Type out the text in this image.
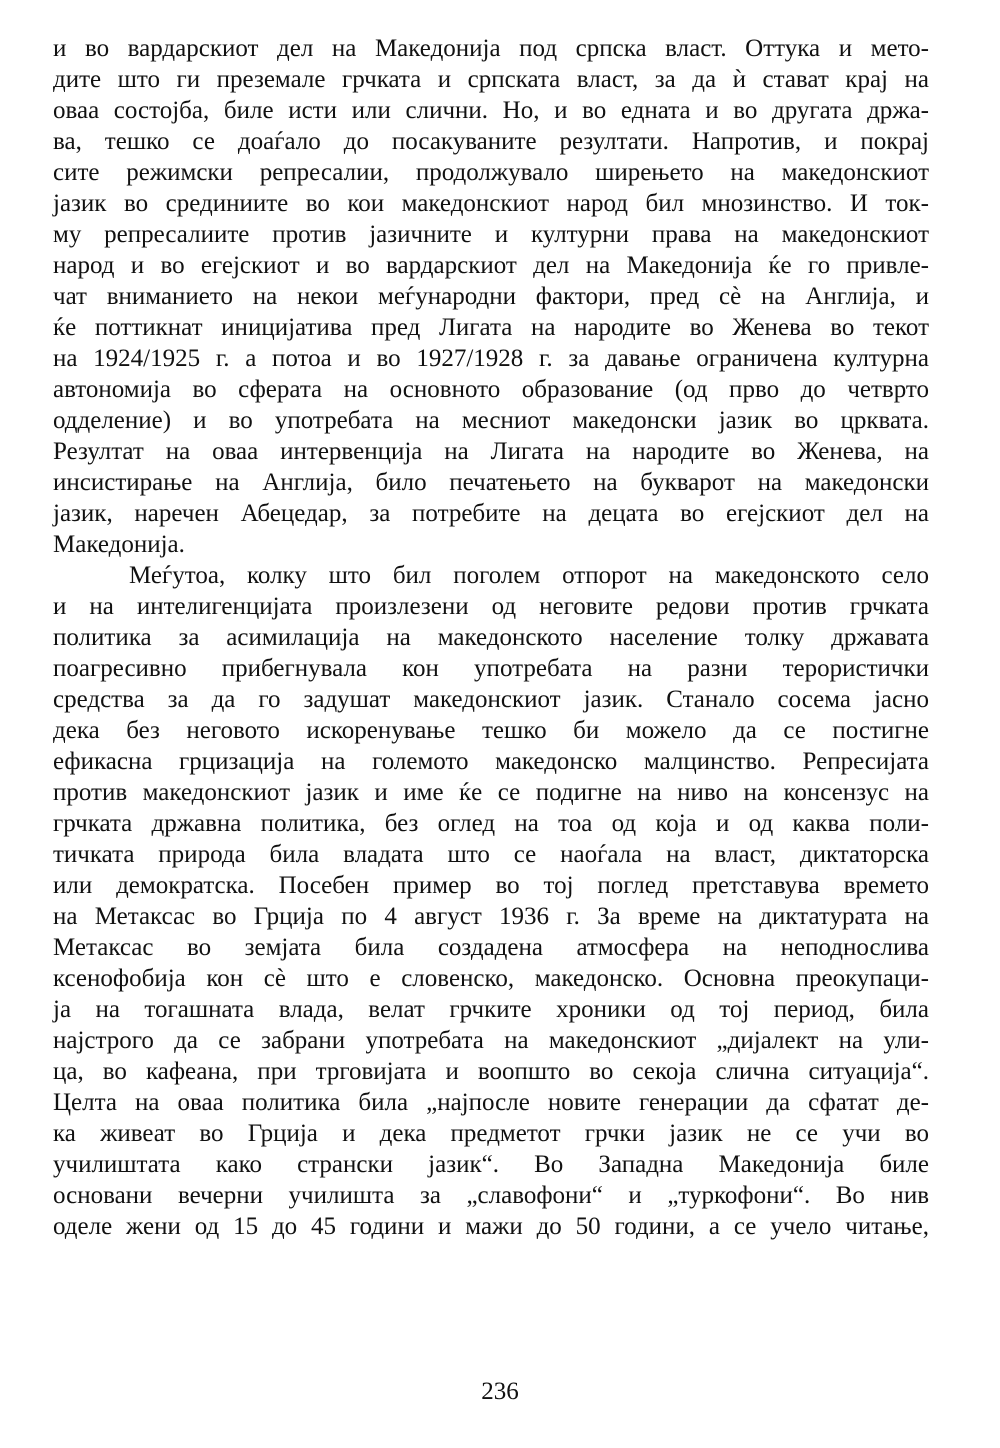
и во вардарскиот дел на Македонија под српска власт. Оттука и мето-
дите што ги преземале грчката и српската власт, за да ѝ стават крај на
оваа состојба, биле исти или слични. Но, и во едната и во другата држа-
ва, тешко се доаѓало до посакуваните резултати. Напротив, и покрај
сите режимски репресалии, продолжувало ширењето на македонскиот
јазик во срединиите во кои македонскиот народ бил мнозинство. И ток-
му репресалиите против јазичните и културни права на македонскиот
народ и во егејскиот и во вардарскиот дел на Македонија ќе го привле-
чат вниманието на некои меѓународни фактори, пред сè на Англија, и
ќе поттикнат иницијатива пред Лигата на народите во Женева во текот
на 1924/1925 г. а потоа и во 1927/1928 г. за давање ограничена културна
автономија во сферата на основното образование (од прво до четврто
одделение) и во употребата на месниот македонски јазик во црквата.
Резултат на оваа интервенција на Лигата на народите во Женева, на
инсистирање на Англија, било печатењето на букварот на македонски
јазик, наречен Абецедар, за потребите на децата во егејскиот дел на
Македонија.
Меѓутоа, колку што бил поголем отпорот на македонското село
и на интелигенцијата произлезени од неговите редови против грчката
политика за асимилација на македонското население толку државата
поагресивно прибегнувала кон употребата на разни терористички
средства за да го задушат македонскиот јазик. Станало сосема јасно
дека без неговото искоренување тешко би можело да се постигне
ефикасна грцизација на големото македонско малцинство. Репресијата
против македонскиот јазик и име ќе се подигне на ниво на консензус на
грчката државна политика, без оглед на тоа од која и од каква поли-
тичката природа била владата што се наоѓала на власт, диктаторска
или демократска. Посебен пример во тој поглед претставува времето
на Метаксас во Грција по 4 август 1936 г. За време на диктатурата на
Метаксас во земјата била создадена атмосфера на неподнослива
ксенофобија кон сè што е словенско, македонско. Основна преокупаци-
ја на тогашната влада, велат грчките хроники од тој период, била
најстрого да се забрани употребата на македонскиот „дијалект на ули-
ца, во кафеана, при трговијата и воопшто во секоја слична ситуација“.
Целта на оваа политика била „најпосле новите генерации да сфатат де-
ка живеат во Грција и дека предметот грчки јазик не се учи во
училиштата како странски јазик“. Во Западна Македонија биле
основани вечерни училишта за „славофони“ и „туркофони“. Во нив
оделе жени од 15 до 45 години и мажи до 50 години, а се учело читање,
236
